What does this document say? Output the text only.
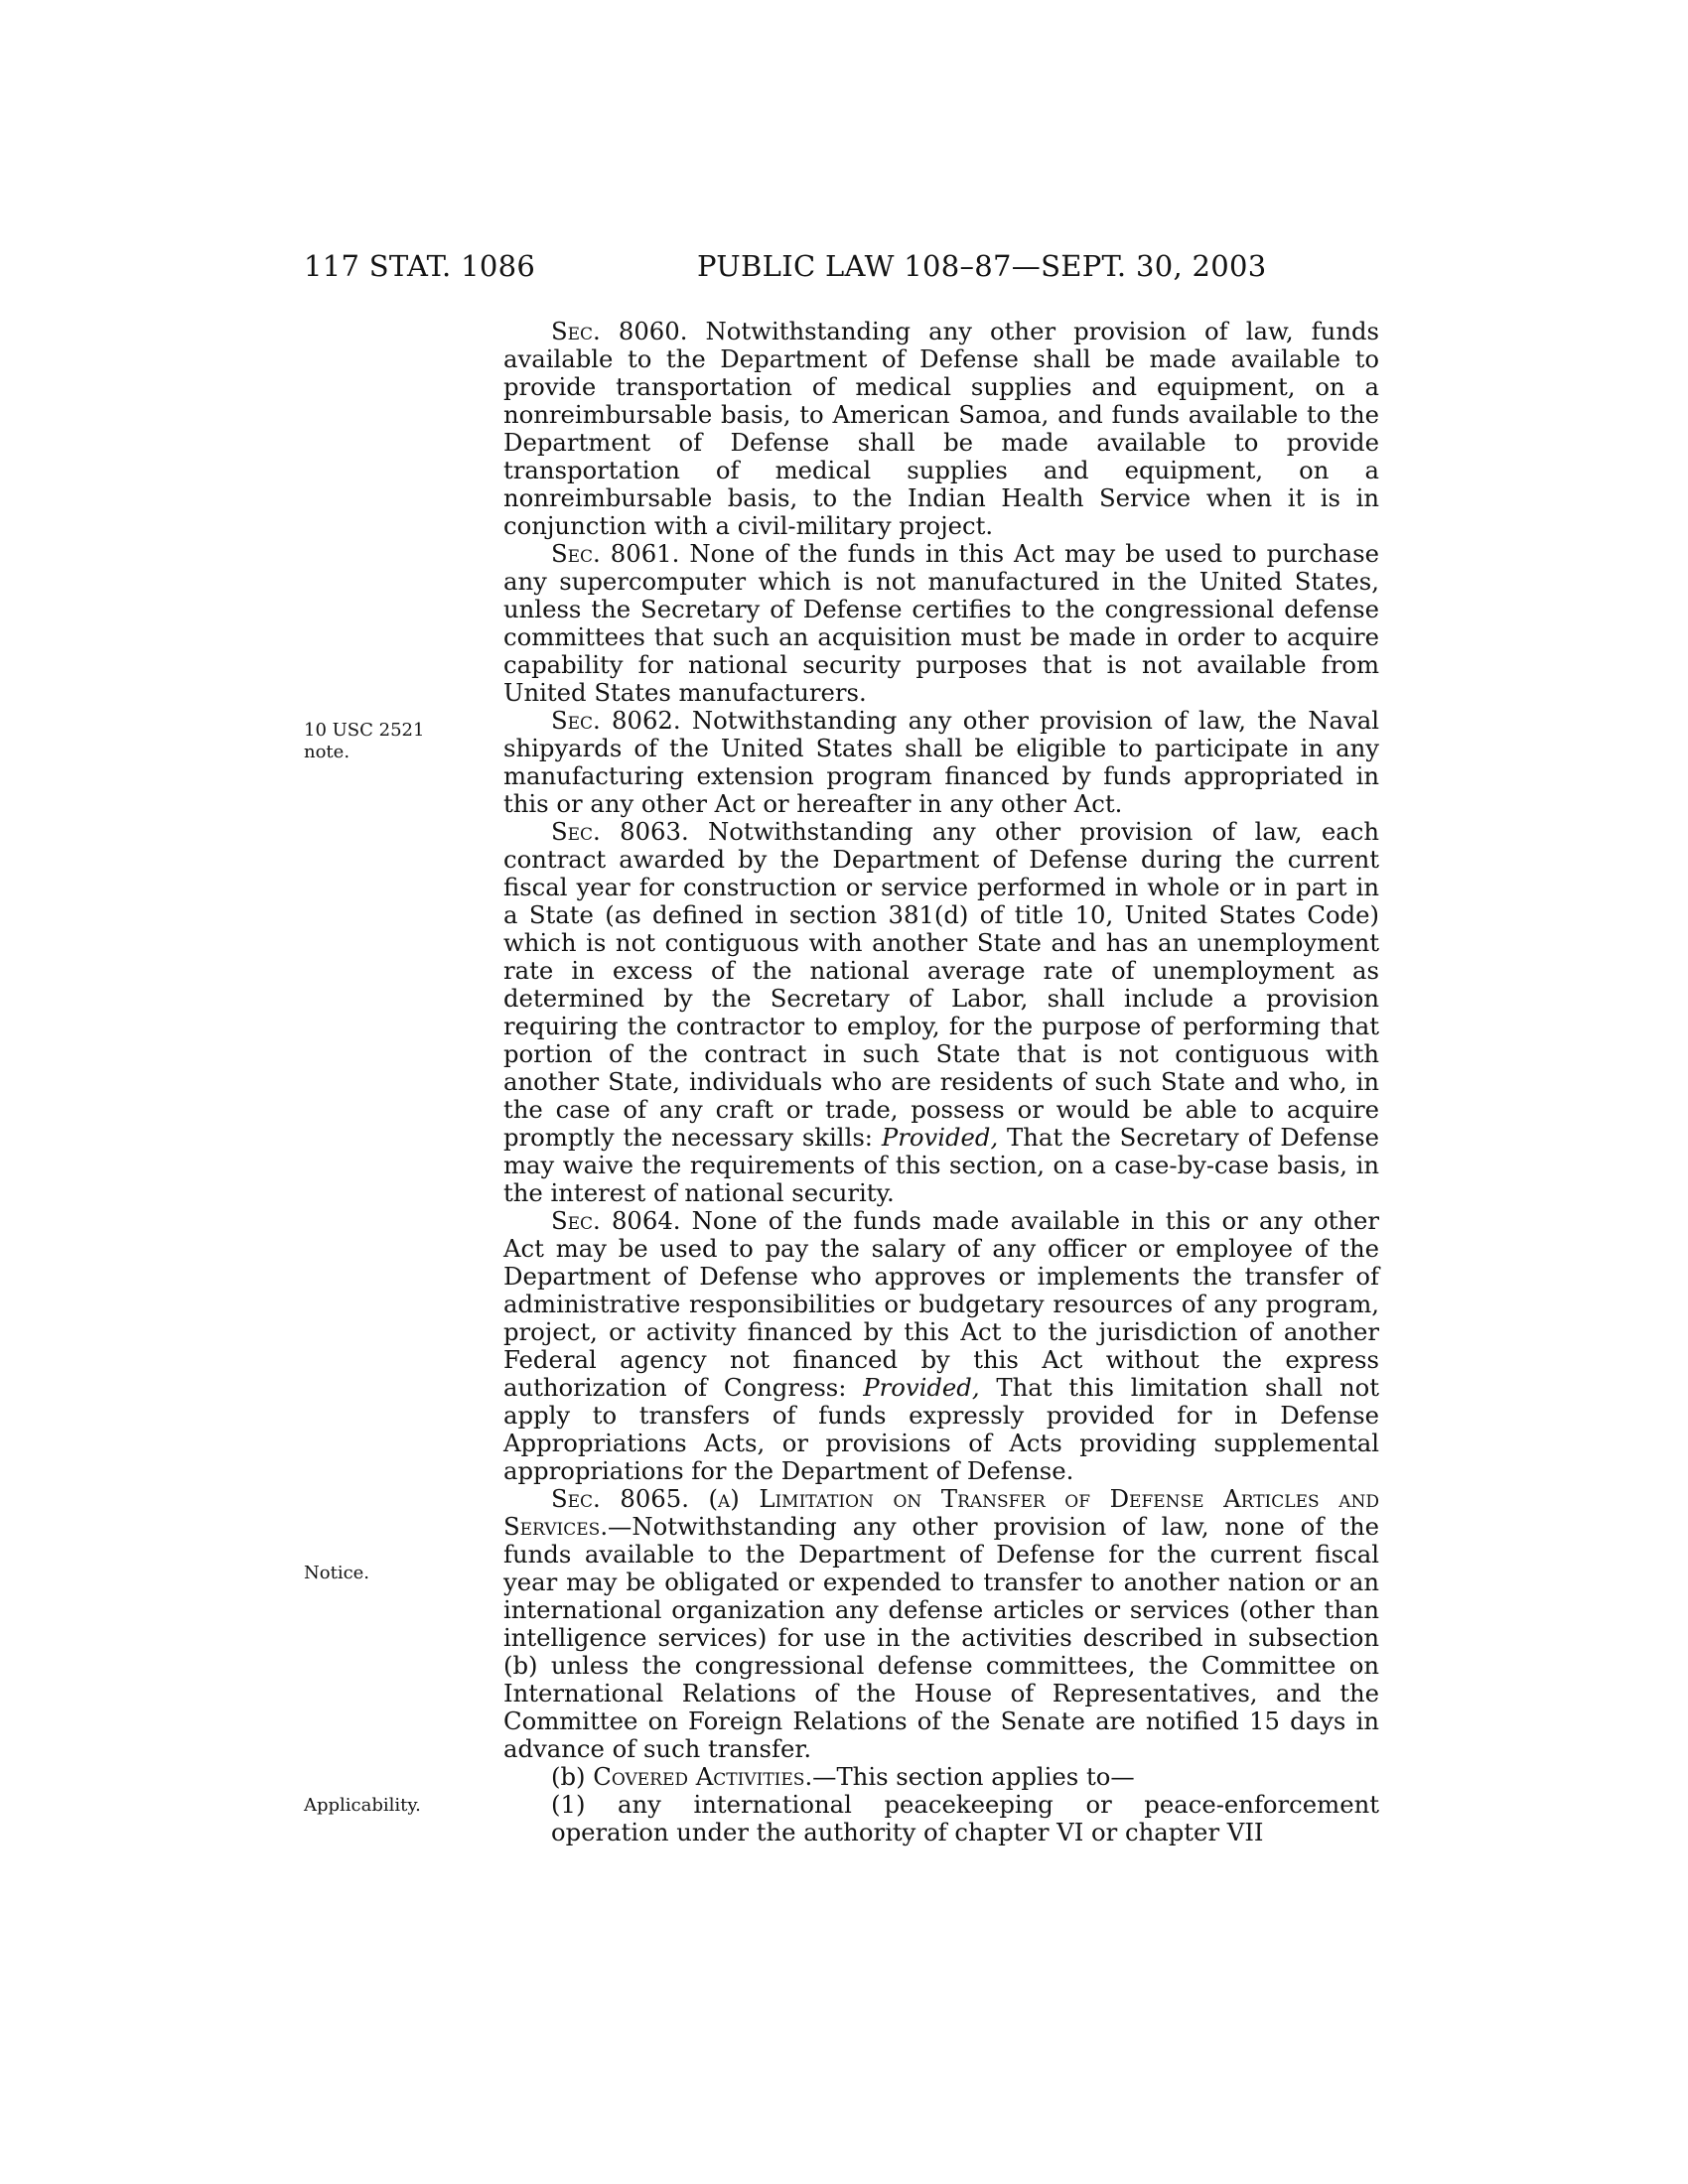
117 STAT. 1086	PUBLIC LAW 108–87—SEPT. 30, 2003
10 USC 2521
note.
Notice.
Applicability.

Sec. 8060. Notwithstanding any other provision of law, funds available to the Department of Defense shall be made available to provide transportation of medical supplies and equipment, on a nonreimbursable basis, to American Samoa, and funds available to the Department of Defense shall be made available to provide transportation of medical supplies and equipment, on a nonreimbursable basis, to the Indian Health Service when it is in conjunction with a civil-military project.

Sec. 8061. None of the funds in this Act may be used to purchase any supercomputer which is not manufactured in the United States, unless the Secretary of Defense certifies to the congressional defense committees that such an acquisition must be made in order to acquire capability for national security purposes that is not available from United States manufacturers.

Sec. 8062. Notwithstanding any other provision of law, the Naval shipyards of the United States shall be eligible to participate in any manufacturing extension program financed by funds appropriated in this or any other Act or hereafter in any other Act.

Sec. 8063. Notwithstanding any other provision of law, each contract awarded by the Department of Defense during the current fiscal year for construction or service performed in whole or in part in a State (as defined in section 381(d) of title 10, United States Code) which is not contiguous with another State and has an unemployment rate in excess of the national average rate of unemployment as determined by the Secretary of Labor, shall include a provision requiring the contractor to employ, for the purpose of performing that portion of the contract in such State that is not contiguous with another State, individuals who are residents of such State and who, in the case of any craft or trade, possess or would be able to acquire promptly the necessary skills: Provided, That the Secretary of Defense may waive the requirements of this section, on a case-by-case basis, in the interest of national security.

Sec. 8064. None of the funds made available in this or any other Act may be used to pay the salary of any officer or employee of the Department of Defense who approves or implements the transfer of administrative responsibilities or budgetary resources of any program, project, or activity financed by this Act to the jurisdiction of another Federal agency not financed by this Act without the express authorization of Congress: Provided, That this limitation shall not apply to transfers of funds expressly provided for in Defense Appropriations Acts, or provisions of Acts providing supplemental appropriations for the Department of Defense.

Sec. 8065. (a) Limitation on Transfer of Defense Articles and Services.—Notwithstanding any other provision of law, none of the funds available to the Department of Defense for the current fiscal year may be obligated or expended to transfer to another nation or an international organization any defense articles or services (other than intelligence services) for use in the activities described in subsection (b) unless the congressional defense committees, the Committee on International Relations of the House of Representatives, and the Committee on Foreign Relations of the Senate are notified 15 days in advance of such transfer.

(b) Covered Activities.—This section applies to—

(1) any international peacekeeping or peace-enforcement operation under the authority of chapter VI or chapter VII
